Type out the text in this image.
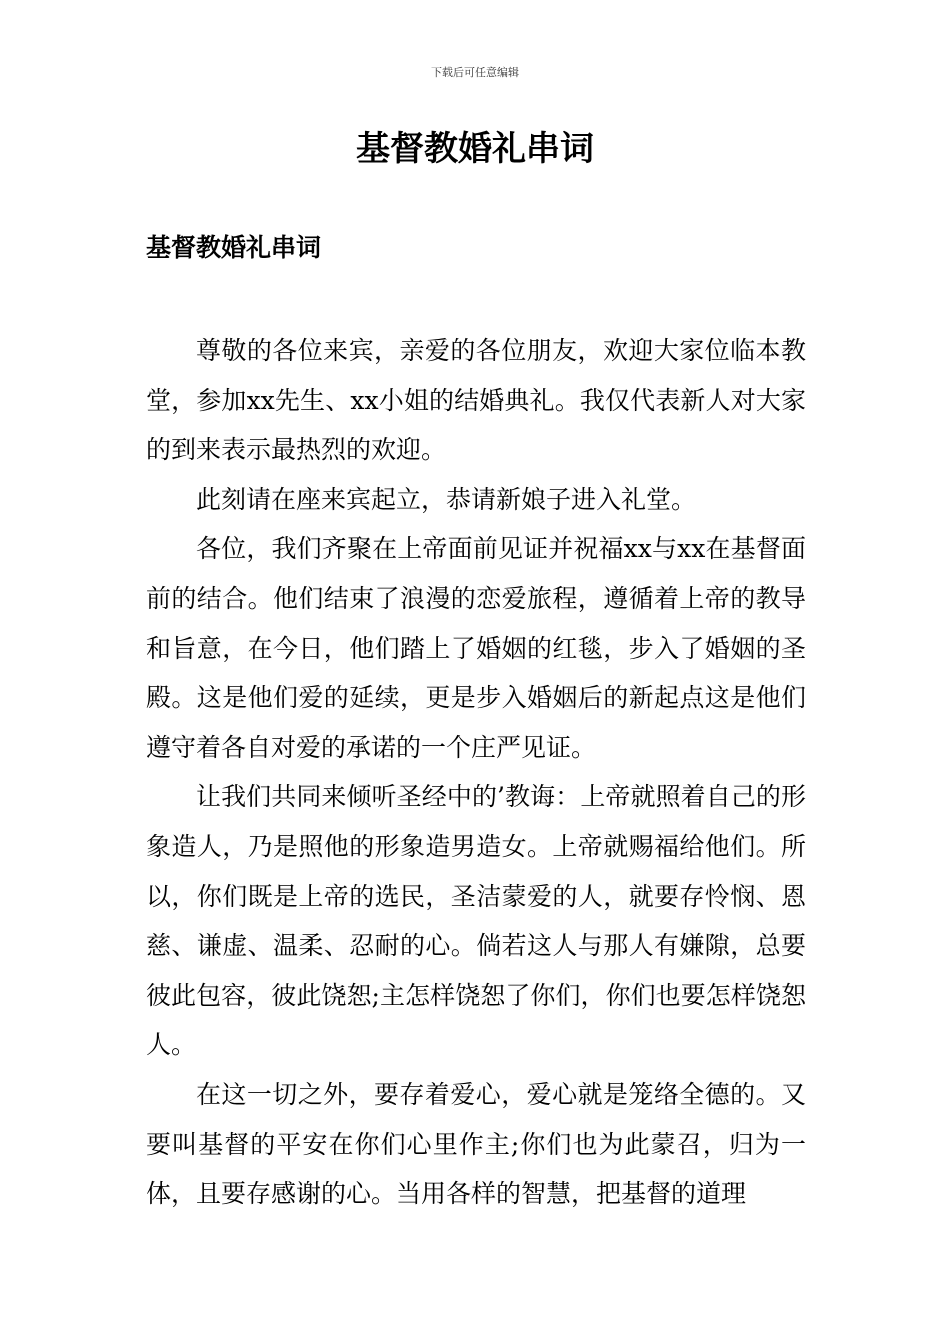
下载后可任意编辑
基督教婚礼串词
基督教婚礼串词

尊敬的各位来宾，亲爱的各位朋友，欢迎大家位临本教堂，参加xx先生、xx小姐的结婚典礼。我仅代表新人对大家的到来表示最热烈的欢迎。

此刻请在座来宾起立，恭请新娘子进入礼堂。

各位，我们齐聚在上帝面前见证并祝福xx与xx在基督面前的结合。他们结束了浪漫的恋爱旅程，遵循着上帝的教导和旨意，在今日，他们踏上了婚姻的红毯，步入了婚姻的圣殿。这是他们爱的延续，更是步入婚姻后的新起点这是他们遵守着各自对爱的承诺的一个庄严见证。

让我们共同来倾听圣经中的’教诲：上帝就照着自己的形象造人，乃是照他的形象造男造女。上帝就赐福给他们。所以，你们既是上帝的选民，圣洁蒙爱的人，就要存怜悯、恩慈、谦虚、温柔、忍耐的心。倘若这人与那人有嫌隙，总要彼此包容，彼此饶恕;主怎样饶恕了你们，你们也要怎样饶恕人。

在这一切之外，要存着爱心，爱心就是笼络全德的。又要叫基督的平安在你们心里作主;你们也为此蒙召，归为一体，且要存感谢的心。当用各样的智慧，把基督的道理
